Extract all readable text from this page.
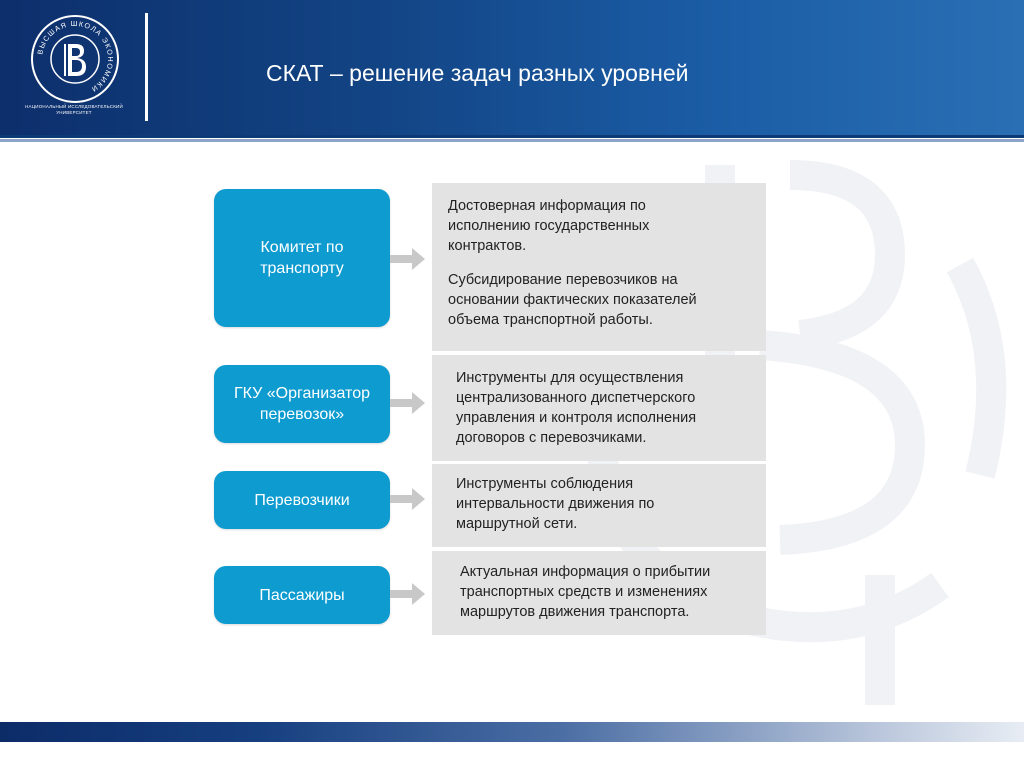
ВЫСШАЯ ШКОЛА ЭКОНОМИКИ
НАЦИОНАЛЬНЫЙ ИССЛЕДОВАТЕЛЬСКИЙ
УНИВЕРСИТЕТ
СКАТ – решение задач разных уровней
Комитет по транспорту

Достоверная информация по исполнению государственных контрактов.

Субсидирование перевозчиков на основании фактических показателей объема транспортной работы.

ГКУ «Организатор перевозок»

Инструменты для осуществления централизованного диспетчерского управления и контроля исполнения договоров с перевозчиками.

Перевозчики

Инструменты соблюдения интервальности движения по маршрутной сети.

Пассажиры

Актуальная информация о прибытии транспортных средств и изменениях маршрутов движения транспорта.
